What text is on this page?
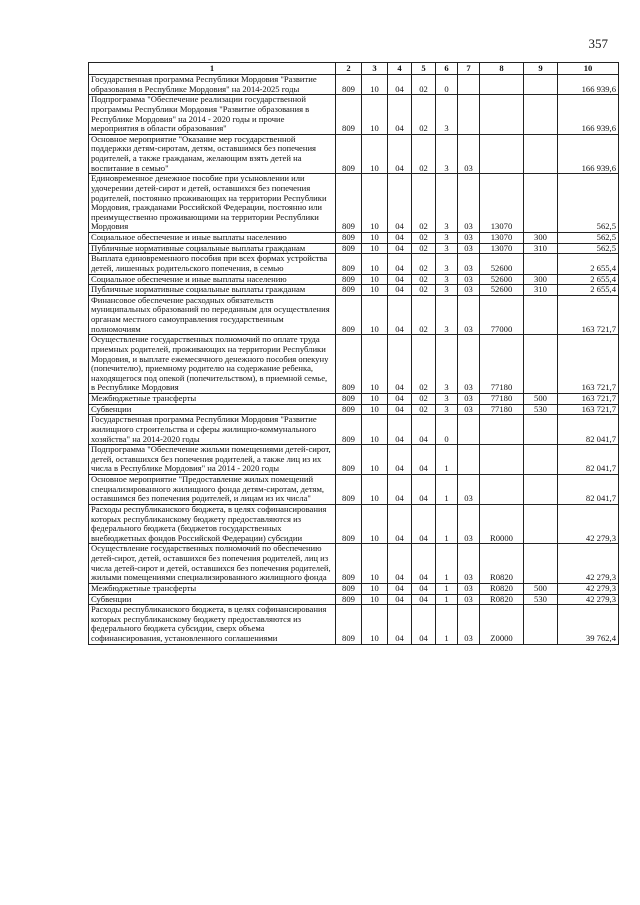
357
1	2	3	4	5	6	7	8	9	10
Государственная программа Республики Мордовия "Развитие образования в Республике Мордовия" на 2014-2025 годы	809	10	04	02	0				166 939,6
Подпрограмма "Обеспечение реализации государственной программы Республики Мордовия "Развитие образования в Республике Мордовия" на 2014 - 2020 годы и прочие мероприятия в области образования"	809	10	04	02	3				166 939,6
Основное мероприятие "Оказание мер государственной поддержки детям-сиротам, детям, оставшимся без попечения родителей, а также гражданам, желающим взять детей на воспитание в семью"	809	10	04	02	3	03			166 939,6
Единовременное денежное пособие при усыновлении или удочерении детей-сирот и детей, оставшихся без попечения родителей, постоянно проживающих на территории Республики Мордовия, гражданами Российской Федерации, постоянно или преимущественно проживающими на территории Республики Мордовия	809	10	04	02	3	03	13070		562,5
Социальное обеспечение и иные выплаты населению	809	10	04	02	3	03	13070	300	562,5
Публичные нормативные социальные выплаты гражданам	809	10	04	02	3	03	13070	310	562,5
Выплата единовременного пособия при всех формах устройства детей, лишенных родительского попечения, в семью	809	10	04	02	3	03	52600		2 655,4
Социальное обеспечение и иные выплаты населению	809	10	04	02	3	03	52600	300	2 655,4
Публичные нормативные социальные выплаты гражданам	809	10	04	02	3	03	52600	310	2 655,4
Финансовое обеспечение расходных обязательств муниципальных образований по переданным для осуществления органам местного самоуправления государственным полномочиям	809	10	04	02	3	03	77000		163 721,7
Осуществление государственных полномочий по оплате труда приемных родителей, проживающих на территории Республики Мордовия, и выплате ежемесячного денежного пособия опекуну (попечителю), приемному родителю на содержание ребенка, находящегося под опекой (попечительством), в приемной семье, в Республике Мордовия	809	10	04	02	3	03	77180		163 721,7
Межбюджетные трансферты	809	10	04	02	3	03	77180	500	163 721,7
Субвенции	809	10	04	02	3	03	77180	530	163 721,7
Государственная программа Республики Мордовия "Развитие жилищного строительства и сферы жилищно-коммунального хозяйства" на 2014-2020 годы	809	10	04	04	0				82 041,7
Подпрограмма "Обеспечение жильми помещениями детей-сирот, детей, оставшихся без попечения родителей, а также лиц из их числа в Республике Мордовия" на 2014 - 2020 годы	809	10	04	04	1				82 041,7
Основное мероприятие "Предоставление жилых помещений специализированного жилищного фонда детям-сиротам, детям, оставшимся без попечения родителей, и лицам из их числа"	809	10	04	04	1	03			82 041,7
Расходы республиканского бюджета, в целях софинансирования которых республиканскому бюджету предоставляются из федерального бюджета (бюджетов государственных внебюджетных фондов Российской Федерации) субсидии	809	10	04	04	1	03	R0000		42 279,3
Осуществление государственных полномочий по обеспечению детей-сирот, детей, оставшихся без попечения родителей, лиц из числа детей-сирот и детей, оставшихся без попечения родителей, жилыми помещениями специализированного жилищного фонда	809	10	04	04	1	03	R0820		42 279,3
Межбюджетные трансферты	809	10	04	04	1	03	R0820	500	42 279,3
Субвенции	809	10	04	04	1	03	R0820	530	42 279,3
Расходы республиканского бюджета, в целях софинансирования которых республиканскому бюджету предоставляются из федерального бюджета субсидии, сверх объема софинансирования, установленного соглашениями	809	10	04	04	1	03	Z0000		39 762,4
